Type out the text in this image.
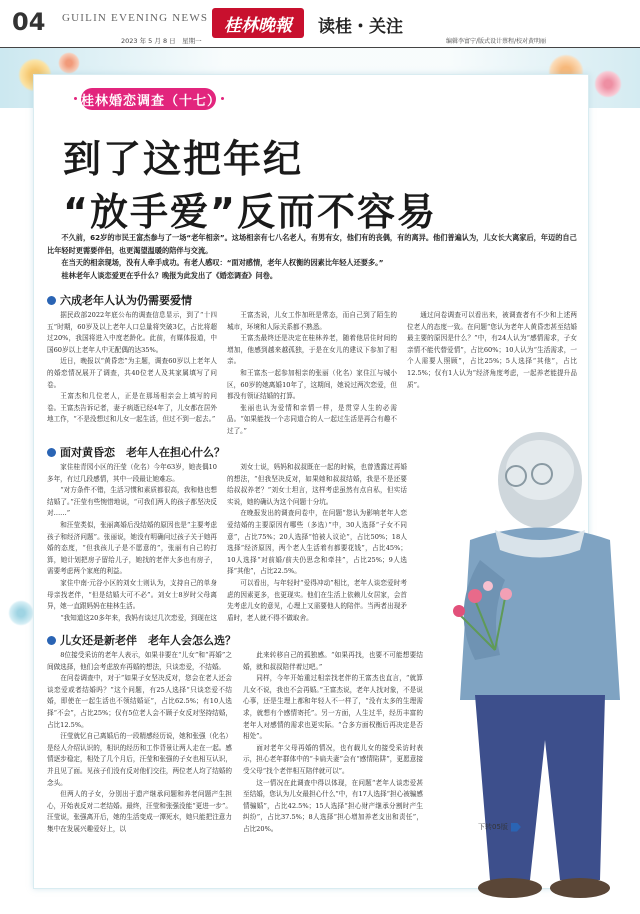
04 GUILIN EVENING NEWS
2023 年 5 月 8 日　星期一
桂林晚報	读桂・关注
编辑李富宁/版式设计蔡程/校对黄明丽
桂林婚恋调查（十七）
到了这把年纪
“放手爱”反而不容易

不久前，62岁的市民王富杰参与了一场“老年相亲”。这场相亲有七八名老人，有男有女，他们有的丧偶，有的离异。他们普遍认为，儿女长大离家后，年迈的自己比年轻时更需要伴侣，也更渴望温暖的陪伴与交流。

在当天的相亲现场，没有人牵手成功。有老人感叹：“面对感情，老年人权衡的因素比年轻人还要多。”

桂林老年人谈恋爱更在乎什么？晚报为此发出了《婚恋调查》问卷。

六成老年人认为仍需要爱情

据民政部2022年底公布的调查信息显示，到了“十四五”时期，60岁及以上老年人口总量将突破3亿，占比将超过20%，我国将进入中度老龄化。此前，有媒体报道，中国60岁以上老年人中无配偶的达35%。

近日，晚报以“黄昏恋”为主题，调查60岁以上老年人的婚恋情况展开了调查，共40位老人及其家属填写了问卷。

王富杰和几位老人，正是在那场相亲会上填写的问卷。王富杰告诉记者，妻子病逝已经4年了，儿女都在居外地工作，“不是没想过和儿女一起生活，但过不到一起去。”

王富杰说，儿女工作加班是常态，而自己到了陌生的城市，环境和人际关系都不熟悉。

王富杰最终还是决定在桂林养老，随着他居住时间的增加，他感到越来越孤独，于是在女儿的建议下参加了相亲。

和王富杰一起参加相亲的张丽（化名）家住江与城小区，60岁的她离婚10年了，这期间，她说过两次恋爱，但都没有领证结婚的打算。

张丽也认为爱情和亲情一样，是贯穿人生的必需品。“如果能找一个志同道合的人一起过生活是再合有趣不过了。”

通过问卷调查可以看出来，被调查者有不少和上述两位老人的态度一致。在问题“您认为老年人黄昏恋甚至结婚最主要的原因是什么？”中，有24人认为“感情需求，子女亲情不能代替爱情”，占比60%；10人认为“生活需求，一个人需要人照顾”，占比25%；5人选择“其他”，占比12.5%；仅有1人认为“经济角度考虑，一起养老能提升品质”。

面对黄昏恋　老年人在担心什么？

家住桂青园小区的汪莹（化名）今年63岁，她丧偶10多年，有过几段感情，其中一段最让她难忘。

“对方条件不错，生活习惯和素质都很高，我和他也想结婚了。”汪莹有些惋惜地说，“可我们两人的孩子都坚决反对……”

和汪莹类似，张丽离婚后没结婚的原因也是“主要考虑孩子和经济问题”。张丽说，她没有明确问过孩子关于她再婚的态度，“但我孩儿子是不愿意的”，张丽有自己的打算，她计划把房子留给儿子，她找的老伴大多也有房子，需要考虑两个家庭的利益。

家住中南·元谷小区的刘女士则认为，支持自己的单身母亲找老伴，“但是结婚大可不必”。刘女士8岁时父母离异，她一直跟妈妈在桂林生活。

“我知道这20多年来，我妈有谈过几次恋爱，到现在这

刘女士说，妈妈和叔叔既在一起的时候，也曾透露过再婚的想法，“但我坚决反对，如果她和叔叔结婚，我是不是还要给叔叔养老？”刘女士坦言，这样考虑虽然有点自私，但实话实说，她的确认为这个问题十分坑。

在晚报发出的调查问卷中，在问题“您认为影响老年人恋爱结婚的主要原因有哪些（多选）”中，30人选择“子女不同意”，占比75%；20人选择“怕被人议论”，占比50%；18人选择“经济原因，两个老人生活着有都要花钱”，占比45%；10人选择“对前婚/前夫仍思念和牵挂”，占比25%；9人选择“其他”，占比22.5%。

可以看出，与年轻时“爱得冲动”相比，老年人谈恋爱时考虑的因素更多，也更现实。他们在生活上依赖儿女居家，会首先考虑儿女的意见，心理上又需要他人的陪伴。当两者出现矛盾时，老人就不得不做取舍。

儿女还是新老伴　老年人会怎么选？

8位接受采访的老年人表示，如果非要在“儿女”和“再婚”之间做选择，他们会考虑放弃再婚的想法，只谈恋爱，不结婚。

在问卷调查中，对于“如果子女坚决反对，您会在老人还会谈恋爱或者结婚吗？”这个问题，有25人选择“只谈恋爱不结婚，即使在一起生活也不领结婚证”，占比62.5%；有10人选择“不会”，占比25%；仅有5位老人会不顾子女反对坚持结婚，占比12.5%。

汪莹就忆自己离婚后的一段精感经历说，她和张强（化名）是经人介绍认识的，相识的经历和工作背景让两人走在一起。感情逐步稳定，相处了几个月后，汪莹和张强的子女也相互认识，并且见了面。见孩子们没有反对他们交往，两位老人均了结婚的念头。

但两人的子女，分别出于遗产继承问题和养老问题产生担心，开始表反对二老结婚。最终，汪莹和张强没能“更进一步”。汪莹说，张强离开后，她的生活变成一潭死水，她只能把注意力集中在发展兴趣爱好上，以

此来转移自己的孤独感。“如果再找，也要不可能想要结婚，就和叔叔陪伴着过吧。”

同样，今年开始重过相亲找老伴的王富杰也直言，“就算儿女不说，我也不会再婚。”王富杰说，老年人找对象，不是说心事，还是生理上都和年轻人不一样了，“没有太多的生理需求，就想有个感情寄托”。另一方面，人生过半，经历丰富的老年人对感情的需求也更实际。“合多方面权衡后再决定是否相处”。

面对老年父母再婚的情况，也有载儿女的接受采访时表示，担心老年群体中的“卡扁夫妻”会有“感情陷阱”，更愿意接受父母“找个老伴相互陪伴就可以”。

这一情况在此调查中得以体现，在问题“老年人谈恋爱甚至结婚，您认为儿女最担心什么”中，有17人选择“担心被骗感情骗婚”，占比42.5%；15人选择“担心财产继承分割时产生纠纷”，占比37.5%；8人选择“担心增加养老支出和责任”，占比20%。	下转05版
